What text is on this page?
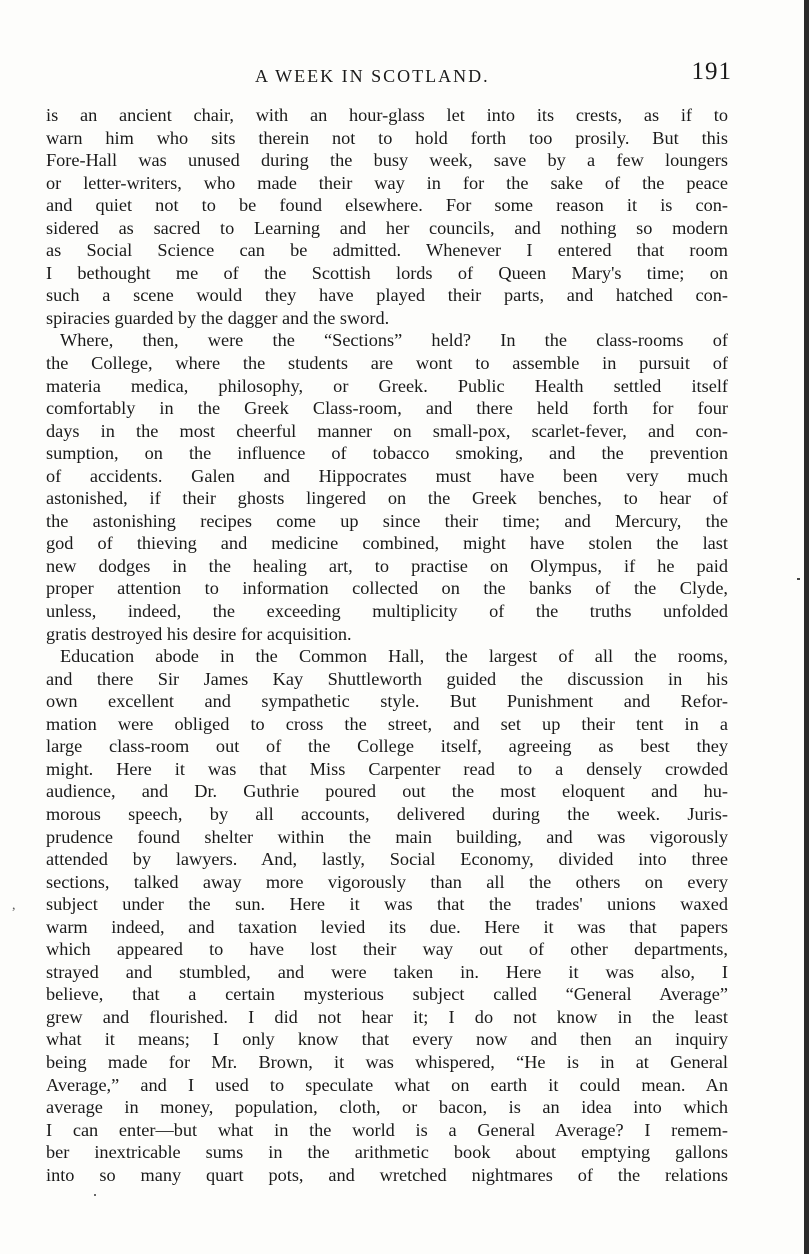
A WEEK IN SCOTLAND.	191
is an ancient chair, with an hour-glass let into its crests, as if to
warn him who sits therein not to hold forth too prosily. But this
Fore-Hall was unused during the busy week, save by a few loungers
or letter-writers, who made their way in for the sake of the peace
and quiet not to be found elsewhere. For some reason it is con-
sidered as sacred to Learning and her councils, and nothing so modern
as Social Science can be admitted. Whenever I entered that room
I bethought me of the Scottish lords of Queen Mary's time; on
such a scene would they have played their parts, and hatched con-
spiracies guarded by the dagger and the sword.
Where, then, were the “Sections” held? In the class-rooms of
the College, where the students are wont to assemble in pursuit of
materia medica, philosophy, or Greek. Public Health settled itself
comfortably in the Greek Class-room, and there held forth for four
days in the most cheerful manner on small-pox, scarlet-fever, and con-
sumption, on the influence of tobacco smoking, and the prevention
of accidents. Galen and Hippocrates must have been very much
astonished, if their ghosts lingered on the Greek benches, to hear of
the astonishing recipes come up since their time; and Mercury, the
god of thieving and medicine combined, might have stolen the last
new dodges in the healing art, to practise on Olympus, if he paid
proper attention to information collected on the banks of the Clyde,
unless, indeed, the exceeding multiplicity of the truths unfolded
gratis destroyed his desire for acquisition.
Education abode in the Common Hall, the largest of all the rooms,
and there Sir James Kay Shuttleworth guided the discussion in his
own excellent and sympathetic style. But Punishment and Refor-
mation were obliged to cross the street, and set up their tent in a
large class-room out of the College itself, agreeing as best they
might. Here it was that Miss Carpenter read to a densely crowded
audience, and Dr. Guthrie poured out the most eloquent and hu-
morous speech, by all accounts, delivered during the week. Juris-
prudence found shelter within the main building, and was vigorously
attended by lawyers. And, lastly, Social Economy, divided into three
sections, talked away more vigorously than all the others on every
subject under the sun. Here it was that the trades' unions waxed
warm indeed, and taxation levied its due. Here it was that papers
which appeared to have lost their way out of other departments,
strayed and stumbled, and were taken in. Here it was also, I
believe, that a certain mysterious subject called “General Average”
grew and flourished. I did not hear it; I do not know in the least
what it means; I only know that every now and then an inquiry
being made for Mr. Brown, it was whispered, “He is in at General
Average,” and I used to speculate what on earth it could mean. An
average in money, population, cloth, or bacon, is an idea into which
I can enter—but what in the world is a General Average? I remem-
ber inextricable sums in the arithmetic book about emptying gallons
into so many quart pots, and wretched nightmares of the relations
,
